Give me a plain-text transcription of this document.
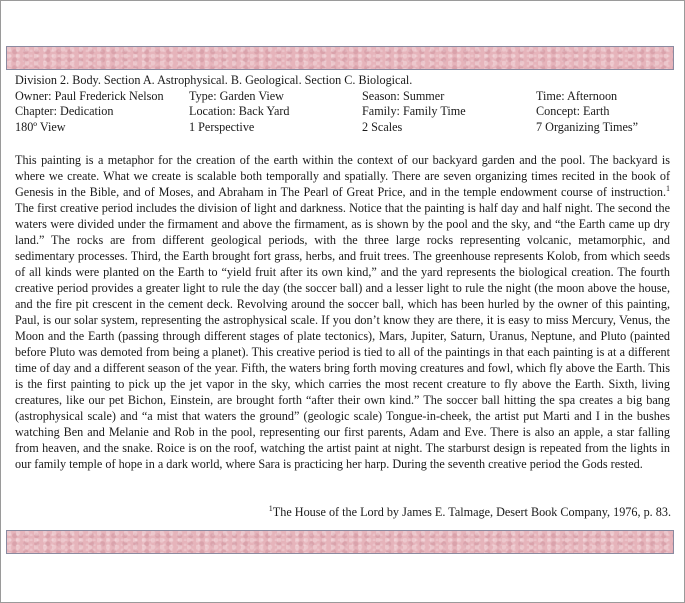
Division 2. Body. Section A. Astrophysical. B. Geological. Section C. Biological.
Owner: Paul Frederick Nelson	Type: Garden View	Season: Summer	Time: Afternoon
Chapter: Dedication	Location: Back Yard	Family: Family Time	Concept: Earth
180º View	1 Perspective	2 Scales	7 Organizing Times”
This painting is a metaphor for the creation of the earth within the context of our backyard garden and the pool. The backyard is where we create. What we create is scalable both temporally and spatially. There are seven organizing times recited in the book of Genesis in the Bible, and of Moses, and Abraham in The Pearl of Great Price, and in the temple endowment course of instruction.$^1$ The first creative period includes the division of light and darkness. Notice that the painting is half day and half night. The second the waters were divided under the firmament and above the firmament, as is shown by the pool and the sky, and “the Earth came up dry land.” The rocks are from different geological periods, with the three large rocks representing volcanic, metamorphic, and sedimentary processes. Third, the Earth brought fort grass, herbs, and fruit trees. The greenhouse represents Kolob, from which seeds of all kinds were planted on the Earth to “yield fruit after its own kind,” and the yard represents the biological creation. The fourth creative period provides a greater light to rule the day (the soccer ball) and a lesser light to rule the night (the moon above the house, and the fire pit crescent in the cement deck. Revolving around the soccer ball, which has been hurled by the owner of this painting, Paul, is our solar system, representing the astrophysical scale. If you don’t know they are there, it is easy to miss Mercury, Venus, the Moon and the Earth (passing through different stages of plate tectonics), Mars, Jupiter, Saturn, Uranus, Neptune, and Pluto (painted before Pluto was demoted from being a planet). This creative period is tied to all of the paintings in that each painting is at a different time of day and a different season of the year. Fifth, the waters bring forth moving creatures and fowl, which fly above the Earth. This is the first painting to pick up the jet vapor in the sky, which carries the most recent creature to fly above the Earth. Sixth, living creatures, like our pet Bichon, Einstein, are brought forth “after their own kind.” The soccer ball hitting the spa creates a big bang (astrophysical scale) and “a mist that waters the ground” (geologic scale) Tongue-in-cheek, the artist put Marti and I in the bushes watching Ben and Melanie and Rob in the pool, representing our first parents, Adam and Eve. There is also an apple, a star falling from heaven, and the snake. Roice is on the roof, watching the artist paint at night. The starburst design is repeated from the lights in our family temple of hope in a dark world, where Sara is practicing her harp. During the seventh creative period the Gods rested.
$^1$The House of the Lord by James E. Talmage, Desert Book Company, 1976, p. 83.
